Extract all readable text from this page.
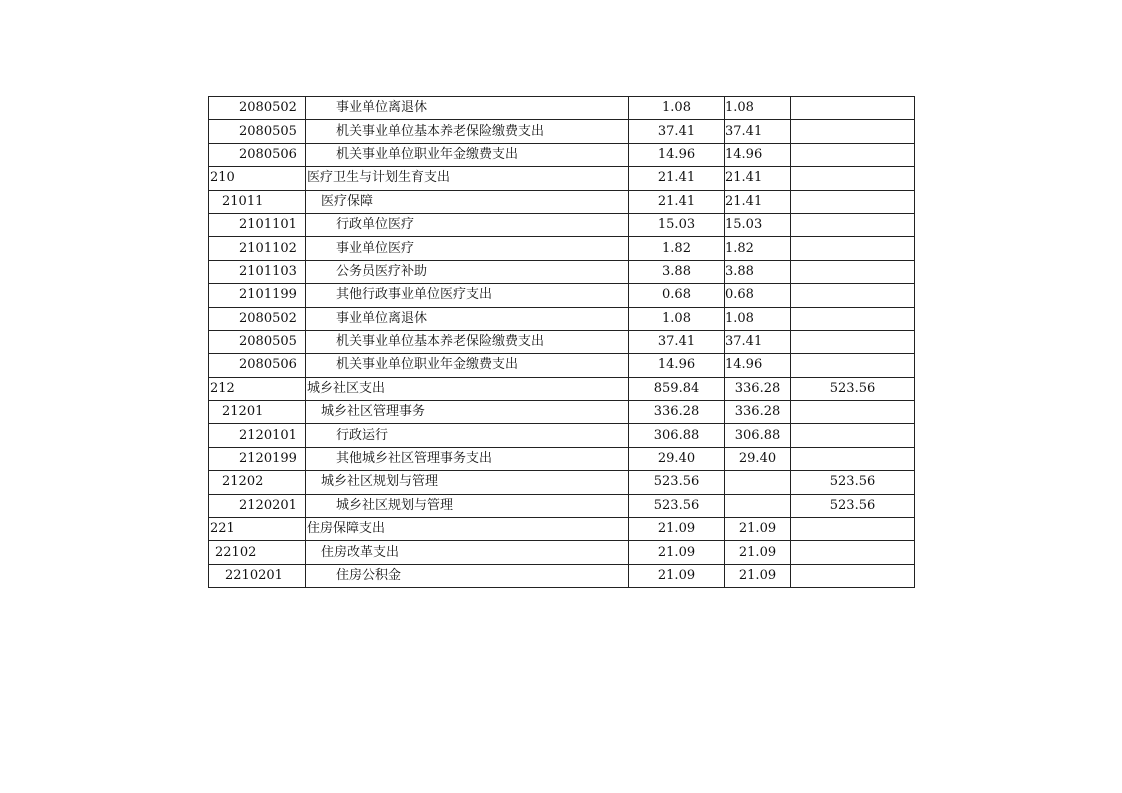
2080502	事业单位离退休	1.08	1.08	
2080505	机关事业单位基本养老保险缴费支出	37.41	37.41	
2080506	机关事业单位职业年金缴费支出	14.96	14.96	
210	医疗卫生与计划生育支出	21.41	21.41	
21011	医疗保障	21.41	21.41	
2101101	行政单位医疗	15.03	15.03	
2101102	事业单位医疗	1.82	1.82	
2101103	公务员医疗补助	3.88	3.88	
2101199	其他行政事业单位医疗支出	0.68	0.68	
2080502	事业单位离退休	1.08	1.08	
2080505	机关事业单位基本养老保险缴费支出	37.41	37.41	
2080506	机关事业单位职业年金缴费支出	14.96	14.96	
212	城乡社区支出	859.84	336.28	523.56
21201	城乡社区管理事务	336.28	336.28	
2120101	行政运行	306.88	306.88	
2120199	其他城乡社区管理事务支出	29.40	29.40	
21202	城乡社区规划与管理	523.56		523.56
2120201	城乡社区规划与管理	523.56		523.56
221	住房保障支出	21.09	21.09	
22102	住房改革支出	21.09	21.09	
2210201	住房公积金	21.09	21.09	
